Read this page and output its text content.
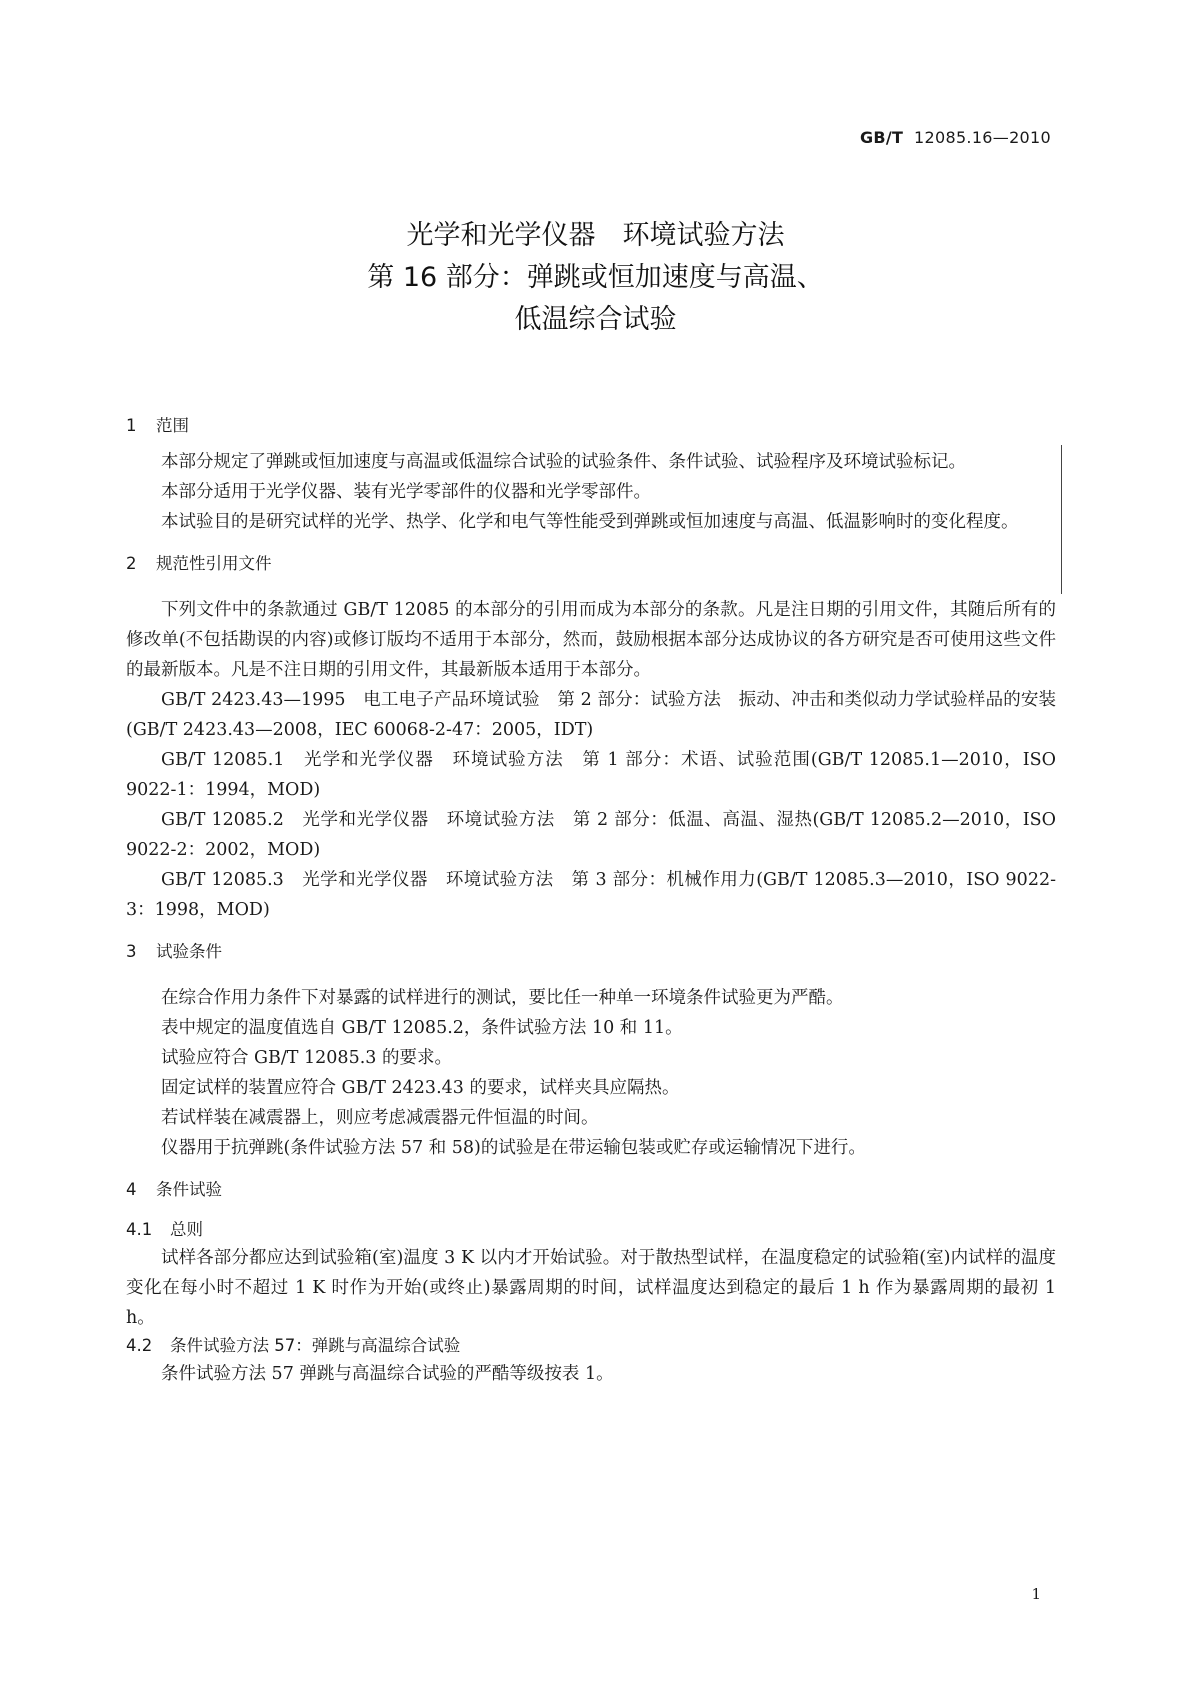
GB/T 12085.16—2010
光学和光学仪器　环境试验方法
第 16 部分：弹跳或恒加速度与高温、
低温综合试验
1 范围

本部分规定了弹跳或恒加速度与高温或低温综合试验的试验条件、条件试验、试验程序及环境试验标记。

本部分适用于光学仪器、装有光学零部件的仪器和光学零部件。

本试验目的是研究试样的光学、热学、化学和电气等性能受到弹跳或恒加速度与高温、低温影响时的变化程度。

2 规范性引用文件

下列文件中的条款通过 GB/T 12085 的本部分的引用而成为本部分的条款。凡是注日期的引用文件，其随后所有的修改单(不包括勘误的内容)或修订版均不适用于本部分，然而，鼓励根据本部分达成协议的各方研究是否可使用这些文件的最新版本。凡是不注日期的引用文件，其最新版本适用于本部分。

GB/T 2423.43—1995　电工电子产品环境试验　第 2 部分：试验方法　振动、冲击和类似动力学试验样品的安装(GB/T 2423.43—2008，IEC 60068-2-47：2005，IDT)

GB/T 12085.1　光学和光学仪器　环境试验方法　第 1 部分：术语、试验范围(GB/T 12085.1—2010，ISO 9022-1：1994，MOD)

GB/T 12085.2　光学和光学仪器　环境试验方法　第 2 部分：低温、高温、湿热(GB/T 12085.2—2010，ISO 9022-2：2002，MOD)

GB/T 12085.3　光学和光学仪器　环境试验方法　第 3 部分：机械作用力(GB/T 12085.3—2010，ISO 9022-3：1998，MOD)

3 试验条件

在综合作用力条件下对暴露的试样进行的测试，要比任一种单一环境条件试验更为严酷。

表中规定的温度值选自 GB/T 12085.2，条件试验方法 10 和 11。

试验应符合 GB/T 12085.3 的要求。

固定试样的装置应符合 GB/T 2423.43 的要求，试样夹具应隔热。

若试样装在减震器上，则应考虑减震器元件恒温的时间。

仪器用于抗弹跳(条件试验方法 57 和 58)的试验是在带运输包装或贮存或运输情况下进行。

4 条件试验
4.1 总则

试样各部分都应达到试验箱(室)温度 3 K 以内才开始试验。对于散热型试样，在温度稳定的试验箱(室)内试样的温度变化在每小时不超过 1 K 时作为开始(或终止)暴露周期的时间，试样温度达到稳定的最后 1 h 作为暴露周期的最初 1 h。

4.2 条件试验方法 57：弹跳与高温综合试验

条件试验方法 57 弹跳与高温综合试验的严酷等级按表 1。

1
